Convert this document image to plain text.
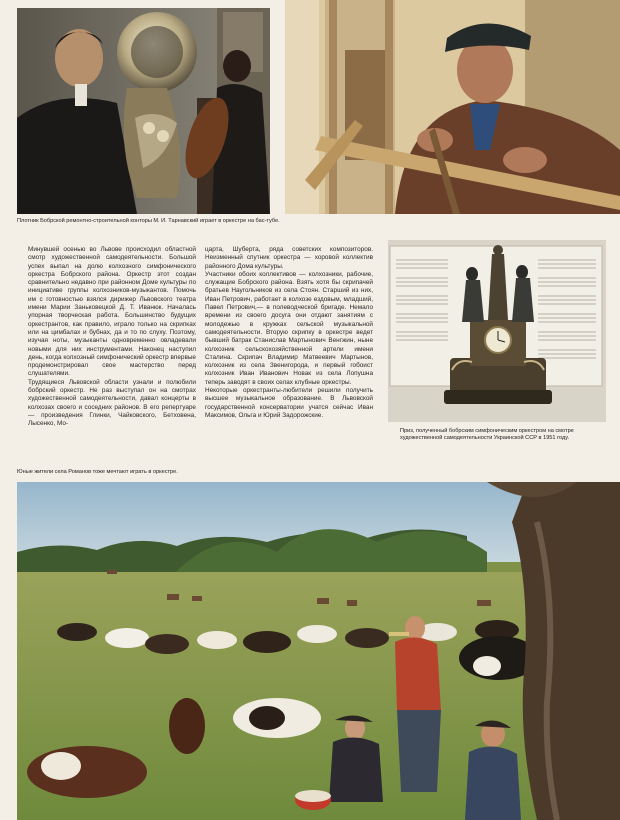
Плотник Бобрской ремонтно-строительной конторы М. И. Тарнавский играет в оркестре на бас-тубе.
Минувшей осенью во Львове происходил областной смотр художественной самодеятельности. Большой успех выпал на долю колхозного симфонического оркестра Бобрского района. Оркестр этот создан сравнительно недавно при районном Доме культуры по инициативе группы колхозников-музыкантов. Помочь им с готовностью взялся дирижер Львовского театра имени Марии Заньковецкой Д. Т. Иванюк. Началась упорная творческая работа. Большинство будущих оркестрантов, как правило, играло только на скрипках или на цимбалах и бубнах, да и то по слуху. Поэтому, изучая ноты, музыканты одновременно овладевали новыми для них инструментами. Наконец наступил день, когда колхозный симфонический оркестр впервые продемонстрировал свое мастерство перед слушателями.
Трудящиеся Львовской области узнали и полюбили бобрский оркестр. Не раз выступал он на смотрах художественной самодеятельности, давал концерты в колхозах своего и соседних районов. В его репертуаре — произведения Глинки, Чайковского, Бетховена, Лысенко, Мо-
царта, Шуберта, ряда советских композиторов. Неизменный спутник оркестра — хоровой коллектив районного Дома культуры.
Участники обоих коллективов — колхозники, рабочие, служащие Бобрского района. Взять хотя бы скрипачей братьев Наугольников из села Стоян. Старший из них, Иван Петрович, работает в колхозе ездовым, младший, Павел Петрович,— в полеводческой бригаде. Немало времени из своего досуга они отдают занятиям с молодежью в кружках сельской музыкальной самодеятельности. Вторую скрипку в оркестре ведет бывший батрак Станислав Мартынович Венгжин, ныне колхозник сельскохозяйственной артели имени Сталина. Скрипач Владимир Матвеевич Мартынов, колхозник из села Звенигорода, и первый гобоист колхозник Иван Иванович Новак из села Лопушна теперь заводят в своих селах клубные оркестры.
Некоторые оркестранты-любители решили получить высшее музыкальное образование. В Львовской государственной консерватории учатся сейчас Иван Максимов, Ольга и Юрий Задорожские.
Приз, полученный бобрским симфоническим оркестром на смотре художественной самодеятельности Украинской ССР в 1951 году.
Юные жители села Романов тоже мечтают играть в оркестре.
